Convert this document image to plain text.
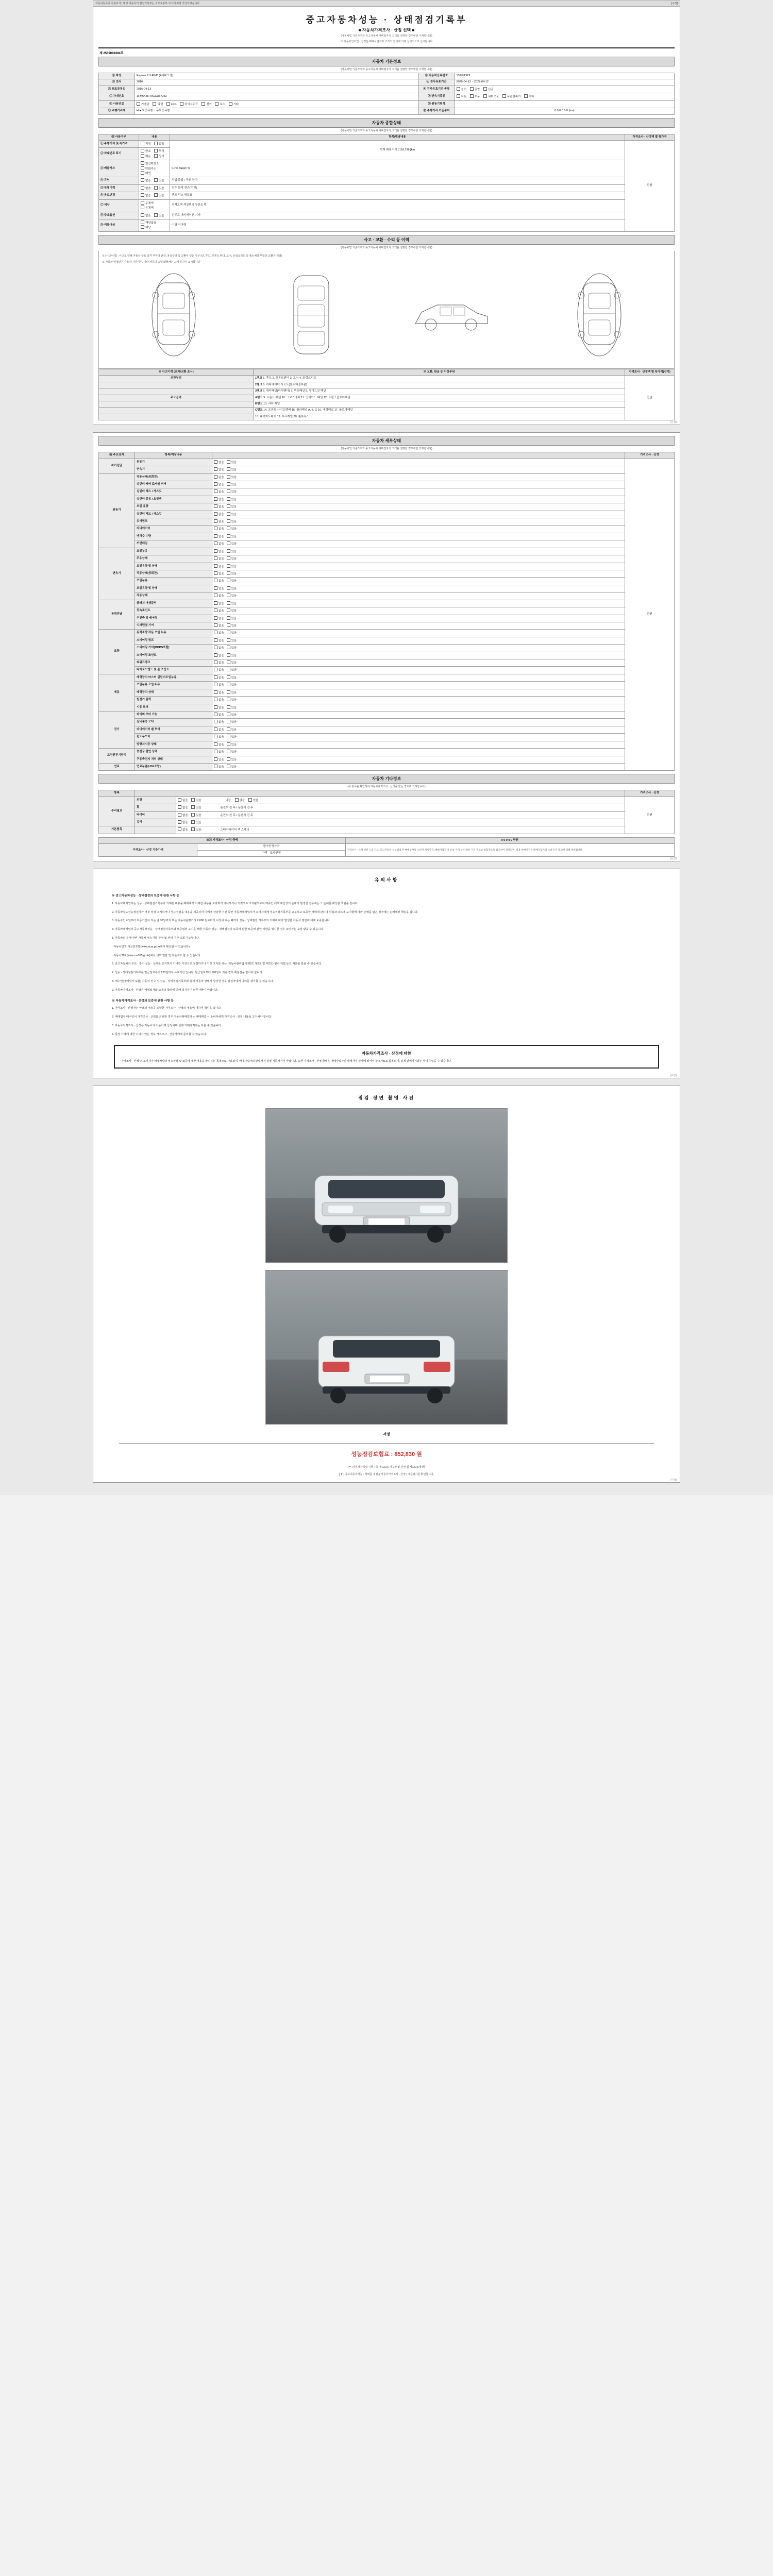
자동차등록증 사본보기 | 해당 자동차의 점검기록부는 국토교통부 고시에 따라 작성되었습니다	[수정]
중고자동차성능 · 상태점검기록부
■ 자동차가격조사 · 산정 선택 ■
(자동차법 기준가격과 중고자동차 매매업자가 고객을 설명한 경우에만 기재합니다)
※ 자동차인도일 · 산정은 매매사업자와 고객의 합의에 의해 선택적으로 실시됩니다
제 2539089394호
자동차 기본정보
(자동차법 기준가격과 중고자동차 매매업자가 고객을 설명한 경우에만 기재합니다)
① 차명	Exploer 2.3 AWD (4세대모델)	② 자동차등록번호	131허1929
③ 연식	2016	④ 검사유효기간	2025-04-13 ~ 2027-04-12
⑤ 최초등록일	2016-04-13	⑥ 검사유효기간 종류	정기 종합 신규
⑦ 차대번호	1FM5K8HT0GGA67252	⑧ 변속기종류	자동 수동 세미오토 무단변속기 기타
⑨ 사용연료	가솔린 디젤 LPG 하이브리드 전기 수소 기타	⑩ 원동기형식	
⑪ 주행거리계	H ● 보증유형 ○ 무보증유형	⑫ 주행거리 기준수치	0 0 0 0 0 0 (km)
자동차 종합상태
(자동차법 기준가격과 중고자동차 매매업자가 고객을 설명한 경우에만 기재합니다)
⑬ 사용여부	내용	항목/해당내용	가격조사 · 산정액 별 특가격
① 주행거리 및 특가격	적정 많음	현재 래핑거리 [ 118,736 ]km	만원
② 차대번호 표기	양호 부식 훼손 상이		
③ 배출가스	일산화탄소 탄화수소 매연	0.7% %ppm %	
④ 튜닝	없음 있음	적법 불법 / 구조 장치	
⑤ 특별이력	없음 있음	침수 화재 전손(수리)	
⑥ 용도변경	없음 있음	렌트 리스 영업용	
⑦ 색상	무채색 유채색	전체도색 색상변경 부분도색	
⑧ 주요옵션	없음 있음	선루프 내비게이션 기타	
⑨ 리콜대상	해당없음 해당	이행 미이행	
사고 · 교환 · 수리 등 이력
(자동차법 기준가격과 중고자동차 매매업자가 고객을 설명한 경우에만 기재합니다)
※ (사고이력) : 사고로 인해 자동차 주요 골격 부위의 판금, 용접수리 및 교환이 있는 경우 (단, 후드, 프론트 펜더, 도어, 트렁크리드 등 볼트체결 부품의 교환은 제외)
※ 자동차 앞뒷면은 승용차 기준이며, 기타 차종의 승합 화물차는 그에 준하여 표시합니다
※ 사고이력 (교차/교환 표시)	※ 교환, 판금 등 이상부위	가격조사 · 산정액 별 특가격(감가)
외판부위	1랭크 1. 후드 2. 프론트펜더 3. 도어 4. 트렁크리드	만원
	2랭크 5. 라디에이터 서포트(볼트체결부품)	
	3랭크 6. 쿼터패널(리어펜더) 7. 루프패널 8. 사이드실 패널	
주요골격	A랭크 9. 프론트 패널 10. 크로스멤버 11. 인사이드 패널 12. 트렁크플로어패널	
	B랭크 13. 리어 패널	
	C랭크 14. 프론트 사이드멤버 15. 필라패널 A, B, C 16. 대쉬패널 17. 플로어패널	
	18. 패키지트레이 19. 루프레일 20. 휠하우스	
(수정)
자동차 세부상태
(자동차법 기준가격과 중고자동차 매매업자가 고객을 설명한 경우에만 기재합니다)
⑭ 주요장치	항목/해당내용		가격조사 · 산정
자기진단	원동기	없음 있음	만원
	변속기	없음 있음	
원동기	작동상태(공회전)	없음 있음	
	실린더 커버 로커암 커버	없음 있음	
	실린더 헤드 / 개스킷	없음 있음	
	실린더 블록 / 오일팬	없음 있음	
	오일 유량	없음 있음	
	실린더 헤드 / 개스킷	없음 있음	
	워터펌프	없음 있음	
	라디에이터	없음 있음	
	냉각수 수량	없음 있음	
	커먼레일	없음 있음	
변속기	오일누유	없음 있음	
	주유상태	없음 있음	
	오일유량 및 상태	없음 있음	
	작동상태(공회전)	없음 있음	
	오일누유	없음 있음	
	오일유량 및 상태	없음 있음	
	작동상태	없음 있음	
동력전달	클러치 어셈블리	없음 있음	
	등속조인트	없음 있음	
	추진축 및 베어링	없음 있음	
	디퍼렌셜 기어	없음 있음	
조향	동력조향 작동 오일 누유	없음 있음	
	스티어링 펌프	없음 있음	
	스티어링 기어(MDPS포함)	없음 있음	
	스티어링 조인트	없음 있음	
	파워크랭크	없음 있음	
	타이로드엔드 및 볼 조인트	없음 있음	
제동	배력장치 마스터 실린더오일누유	없음 있음	
	오일누유 오일 누유	없음 있음	
	베력장치 상태	없음 있음	
	빌전기 출력	없음 있음	
	시동 모터	없음 있음	
전기	와이퍼 모터 기능	없음 있음	
	실내송풍 모터	없음 있음	
	라디에이터 팬 모터	없음 있음	
	윈도우모터	없음 있음	
	방향지시등 상태	없음 있음	
고전원전기장치	충전구 절연 상태	없음 있음	
	구동축전지 격리 상태	없음 있음	
연료	연료누출(LPG포함)	없음 있음	
자동차 기타정보
(유 항목을 확인하여 자동차가격조사 · 산정을 받는 경우에 기재합니다)
항목			가격조사 · 산정
수리필요	외장	없음 있음 내장 없음 있음	만원
	휠	없음 있음 운전석 전 후 / 동반석 전 후	
	타이어	없음 있음 운전석 전 후 / 동반석 전 후	
	유리	없음 있음	
기본품목		없음 있음 스페어타이어 잭 스패너	
※⑮ 가격조사 · 산정 금액		0 0 0 0 0 만원
가격조사 · 산정 기준가격	평가산정가격	가격조사 · 산정 관련 도움 자료: 중고자동차 성능점검 후 매매상사의 소비자 제시가격, 매매사업자 간 유통 가격 등 다양한 가격 정보를 종합적으로 참고하여 결정되며, 최종 판매가격은 매매사업자와 소비자 간 협의에 의해 정해집니다.
	가격 · 조사산정	
(수정)
유의사항
※ 중고자동차성능 · 상태점검의 보증에 관한 사항 등

1. 자동차매매업자는 성능 · 상태점검기록부가 기재된 내용을 매매계약 기재한 내용을 교차하기 아니하거나 거짓으로 고지될으로써 매수인 에게 재산상의 손해가 발생한 경우에는 그 손해를 배상할 책임을 집니다.

2. 자동차양도성능점검자가 거짓 점검 고지하거나 성능점검을 내용을 제공하여 이에게 상당한 기간 동안 자동차매매업자가 소비자에게 성능점검기록부를 교부하고 보증한 매매에 관하여 사실과 다르게 고지함에 따라 손해를 입은 경우에는 손해배상 책임을 집니다.

3. 자동차인도일부터 보증기간이 되는 날 30일까지 또는 자동차운행거리 2,000 킬로미터 이상이 되는 때까지 성능 · 상태점검 기록부의 기재에 따라 발생한 자동차 결함에 대해 보증합니다.

4. 자동차매매업자 중고자동차성능 · 상태점검기록부와 보증범위 고지를 해한 자동차 성능 · 상태점검의 보증에 관한 보증에 관한 사항을 명시한 경우 소비자는 보상 받을 수 있습니다.

5. 자동차의 운행 관련 자동차 성능기록 작성 및 관리 기관 조회 가능합니다.

· 자동차민원 대국민포털(www.ecar.go.kr에서 확인할 수 있습니다)

· 자동차365 (www.car365.go.kr)에서 내역 열람 및 다운로드 할 수 있습니다

6. 중고자동차의 구조 · 장치 성능 · 상태를 고지하지 아니한 거짓으로 점검하거나 거짓 고지한 자는 (자동차관리법 제 80조 제8호 및 제7호) 형사 처벌 등의 처분을 받을 수 있습니다.

7. 성능 · 상태점검기록부를 발급일로부터 120일까지 유효기간 입니다. 발급일로부터 120일이 지난 경우 재점검을 받아야 합니다.

8. 매수인(매매업자 포함) 자동차 인수 시 성능 · 상태점검기록부와 실제 자동차 상태가 상이한 경우 점검자에게 이의를 제기할 수 있습니다.

9. 자동차가격조사 · 산정은 매매업자와 고객의 합의에 의해 실시하며 의무사항이 아닙니다.

※ 자동차가격조사 · 산정의 보증에 관한 사항 등

1. 가격조사 · 산정자는 아래의 내용을 포함한 가격조사 · 산정의 내용에 대하여 책임을 집니다.

2. 매매업자 매수인이 가격조사 · 산정을 의뢰한 경우 자동차매매업자는 매매계약 시 소비자에게 가격조사 · 산정 내용을 고지해야 합니다.

3. 자동차가격조사 · 산정은 자동차의 기준가격 산정이며 실제 거래가격과는 다를 수 있습니다.

4. 특정 가격에 대한 이의가 있는 경우 가격조사 · 산정자에게 문의할 수 있습니다.

자동차가격조사 · 산정에 대한
"가격조사 · 산정"은 소비자가 매매차량의 성능점검 및 보증에 대한 내용을 확인하는 목적으로 사용되며, 매매사업자의 판매가격 결정 기준가격이 아닙니다. 또한 가격조사 · 산정 금액은 매매사업자의 매매가격 결정에 있어서 참고자료로 활용되며, 실제 판매가격과는 차이가 있을 수 있습니다.
(수정)
점검 장면 촬영 사진
서명
성능점검보험료 : 852,830 원
[ ** ]자동차관리법 시행규칙 제 120조 제 2항 및 관련 법 제120조제4항
[ ▼ ] 중고자동차성능 · 상태를 점검, [ 자동차가격조사 · 산정 ] 내용검사를 확인합니다.
(수정)
